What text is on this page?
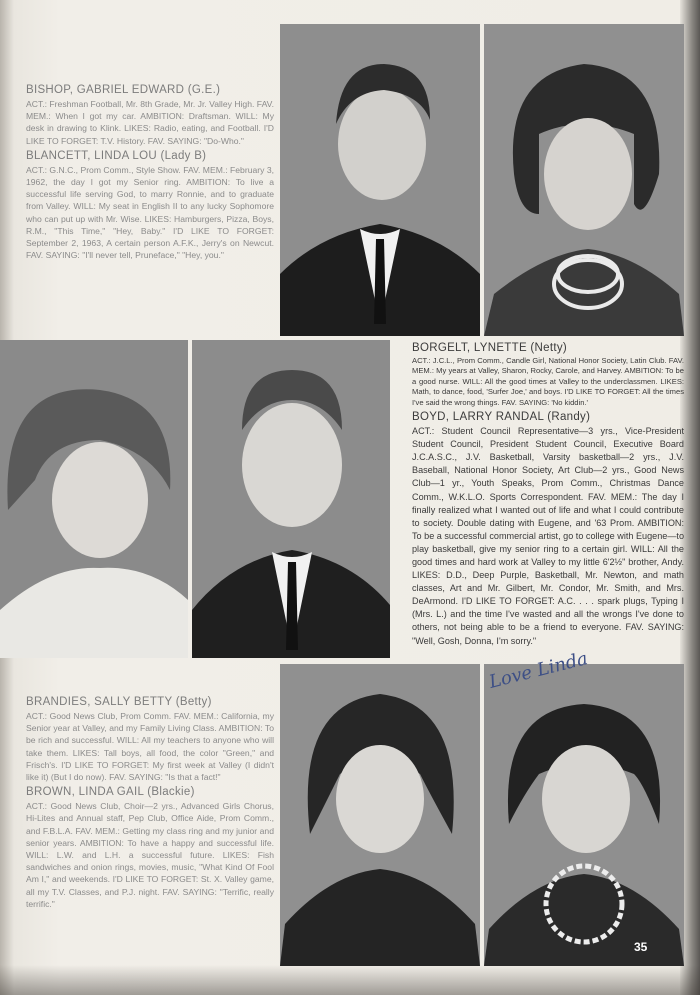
BISHOP, GABRIEL EDWARD (G.E.)
ACT.: Freshman Football, Mr. 8th Grade, Mr. Jr. Valley High. FAV. MEM.: When I got my car. AMBITION: Draftsman. WILL: My desk in drawing to Klink. LIKES: Radio, eating, and Football. I'D LIKE TO FORGET: T.V. History. FAV. SAYING: "Do-Who."
BLANCETT, LINDA LOU (Lady B)
ACT.: G.N.C., Prom Comm., Style Show. FAV. MEM.: February 3, 1962, the day I got my Senior ring. AMBITION: To live a successful life serving God, to marry Ronnie, and to graduate from Valley. WILL: My seat in English II to any lucky Sophomore who can put up with Mr. Wise. LIKES: Hamburgers, Pizza, Boys, R.M., "This Time," "Hey, Baby." I'D LIKE TO FORGET: September 2, 1963, A certain person A.F.K., Jerry's on Newcut. FAV. SAYING: "I'll never tell, Pruneface," "Hey, you."
BORGELT, LYNETTE (Netty)
ACT.: J.C.L., Prom Comm., Candle Girl, National Honor Society, Latin Club. FAV. MEM.: My years at Valley, Sharon, Rocky, Carole, and Harvey. AMBITION: To be a good nurse. WILL: All the good times at Valley to the underclassmen. LIKES: Math, to dance, food, 'Surfer Joe,' and boys. I'D LIKE TO FORGET: All the times I've said the wrong things. FAV. SAYING: 'No kiddin.'
BOYD, LARRY RANDAL (Randy)
ACT.: Student Council Representative—3 yrs., Vice-President Student Council, President Student Council, Executive Board J.C.A.S.C., J.V. Basketball, Varsity basketball—2 yrs., J.V. Baseball, National Honor Society, Art Club—2 yrs., Good News Club—1 yr., Youth Speaks, Prom Comm., Christmas Dance Comm., W.K.L.O. Sports Correspondent. FAV. MEM.: The day I finally realized what I wanted out of life and what I could contribute to society. Double dating with Eugene, and '63 Prom. AMBITION: To be a successful commercial artist, go to college with Eugene—to play basketball, give my senior ring to a certain girl. WILL: All the good times and hard work at Valley to my little 6'2½" brother, Andy. LIKES: D.D., Deep Purple, Basketball, Mr. Newton, and math classes, Art and Mr. Gilbert, Mr. Condor, Mr. Smith, and Mrs. DeArmond. I'D LIKE TO FORGET: A.C. . . . spark plugs, Typing I (Mrs. L.) and the time I've wasted and all the wrongs I've done to others, not being able to be a friend to everyone. FAV. SAYING: "Well, Gosh, Donna, I'm sorry."
BRANDIES, SALLY BETTY (Betty)
ACT.: Good News Club, Prom Comm. FAV. MEM.: California, my Senior year at Valley, and my Family Living Class. AMBITION: To be rich and successful. WILL: All my teachers to anyone who will take them. LIKES: Tall boys, all food, the color "Green," and Frisch's. I'D LIKE TO FORGET: My first week at Valley (I didn't like it) (But I do now). FAV. SAYING: "Is that a fact!"
BROWN, LINDA GAIL (Blackie)
ACT.: Good News Club, Choir—2 yrs., Advanced Girls Chorus, Hi-Lites and Annual staff, Pep Club, Office Aide, Prom Comm., and F.B.L.A. FAV. MEM.: Getting my class ring and my junior and senior years. AMBITION: To have a happy and successful life. WILL: L.W. and L.H. a successful future. LIKES: Fish sandwiches and onion rings, movies, music, "What Kind Of Fool Am I," and weekends. I'D LIKE TO FORGET: St. X. Valley game, all my T.V. Classes, and P.J. night. FAV. SAYING: "Terrific, really terrific."
Love Linda
35
